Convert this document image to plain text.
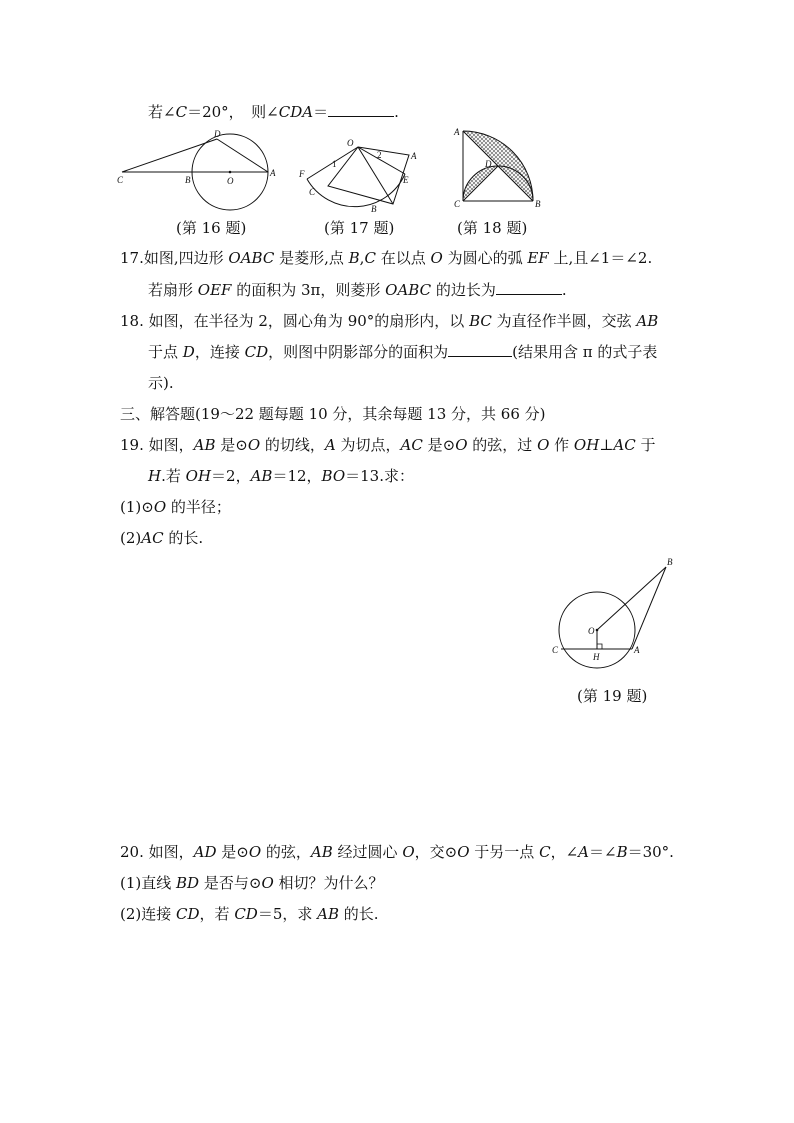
若∠C＝20°，　则∠CDA＝	.
D
C	B	O
A
O
A
F
C
B
E
1
2
A
D
C	B
(第 16 题)	(第 17 题)	(第 18 题)
17.如图,四边形 OABC 是菱形,点 B,C 在以点 O 为圆心的弧 EF 上,且∠1＝∠2.
若扇形 OEF 的面积为 3π，则菱形 OABC 的边长为	.
18. 如图，在半径为 2，圆心角为 90°的扇形内，以 BC 为直径作半圆，交弦 AB
于点 D，连接 CD，则图中阴影部分的面积为	(结果用含 π 的式子表
示).
三、解答题(19～22 题每题 10 分，其余每题 13 分，共 66 分)
19. 如图，AB 是⊙O 的切线，A 为切点，AC 是⊙O 的弦，过 O 作 OH⊥AC 于
H.若 OH＝2，AB＝12，BO＝13.求：
(1)⊙O 的半径；
(2)AC 的长.
B
O
C
H
A
(第 19 题)
20. 如图，AD 是⊙O 的弦，AB 经过圆心 O，交⊙O 于另一点 C，∠A＝∠B＝30°.
(1)直线 BD 是否与⊙O 相切？为什么？
(2)连接 CD，若 CD＝5，求 AB 的长.
